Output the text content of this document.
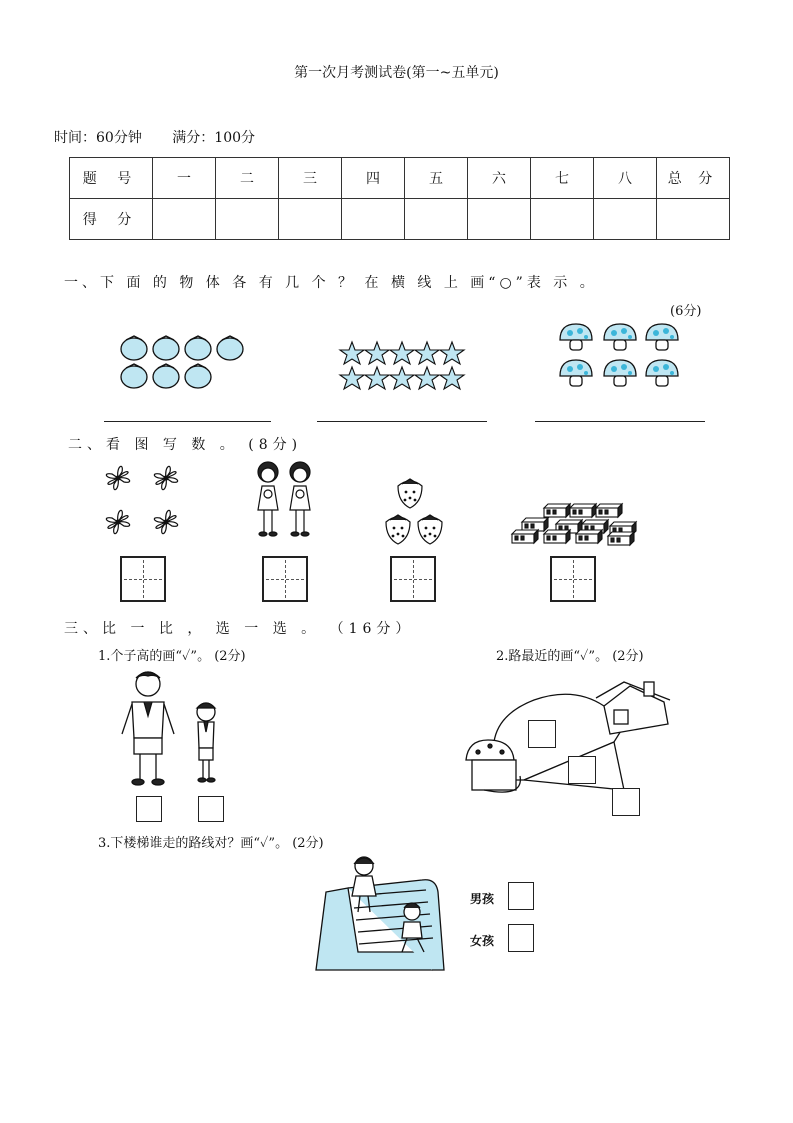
第一次月考测试卷(第一~五单元)
时间：60分钟 满分：100分
题 号	一	二	三	四	五	六	七	八	总 分
得 分									
一、下 面 的 物 体 各 有 几 个 ？ 在 横 线 上 画“○”表 示 。
(6分)
二、看 图 写 数 。 (8分)
三、比 一 比 ， 选 一 选 。 （16分）
1.个子高的画“✓”。 (2分)	2.路最近的画“✓”。 (2分)
3.下楼梯谁走的路线对？画“✓”。 (2分)
男孩
女孩
